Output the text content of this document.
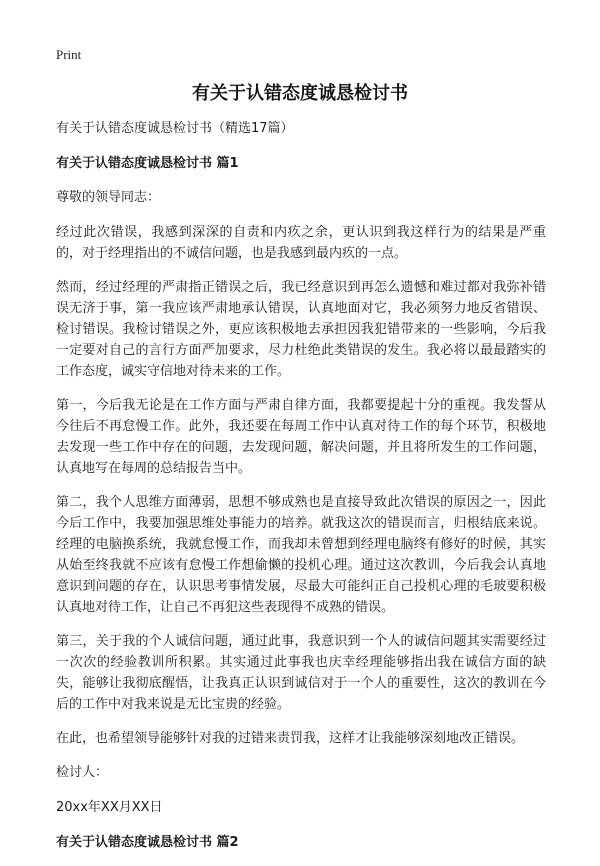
Print
有关于认错态度诚恳检讨书

有关于认错态度诚恳检讨书（精选17篇）

有关于认错态度诚恳检讨书 篇1

尊敬的领导同志：

经过此次错误，我感到深深的自责和内疚之余，更认识到我这样行为的结果是严重的，对于经理指出的不诚信问题，也是我感到最内疚的一点。

然而，经过经理的严肃指正错误之后，我已经意识到再怎么遗憾和难过都对我弥补错误无济于事，第一我应该严肃地承认错误，认真地面对它，我必须努力地反省错误、检讨错误。我检讨错误之外，更应该积极地去承担因我犯错带来的一些影响，今后我一定要对自己的言行方面严加要求，尽力杜绝此类错误的发生。我必将以最最踏实的工作态度，诚实守信地对待未来的工作。

第一，今后我无论是在工作方面与严肃自律方面，我都要提起十分的重视。我发誓从今往后不再怠慢工作。此外，我还要在每周工作中认真对待工作的每个环节，积极地去发现一些工作中存在的问题，去发现问题，解决问题，并且将所发生的工作问题，认真地写在每周的总结报告当中。

第二，我个人思维方面薄弱，思想不够成熟也是直接导致此次错误的原因之一，因此今后工作中，我要加强思维处事能力的培养。就我这次的错误而言，归根结底来说。经理的电脑换系统，我就怠慢工作，而我却未曾想到经理电脑终有修好的时候，其实从始至终我就不应该有怠慢工作想偷懒的投机心理。通过这次教训，今后我会认真地意识到问题的存在，认识思考事情发展，尽最大可能纠正自己投机心理的毛玻要积极认真地对待工作，让自己不再犯这些表现得不成熟的错误。

第三，关于我的个人诚信问题，通过此事，我意识到一个人的诚信问题其实需要经过一次次的经验教训所积累。其实通过此事我也庆幸经理能够指出我在诚信方面的缺失，能够让我彻底醒悟，让我真正认识到诚信对于一个人的重要性，这次的教训在今后的工作中对我来说是无比宝贵的经验。

在此，也希望领导能够针对我的过错来责罚我，这样才让我能够深刻地改正错误。

检讨人：

20xx年XX月XX日

有关于认错态度诚恳检讨书 篇2
